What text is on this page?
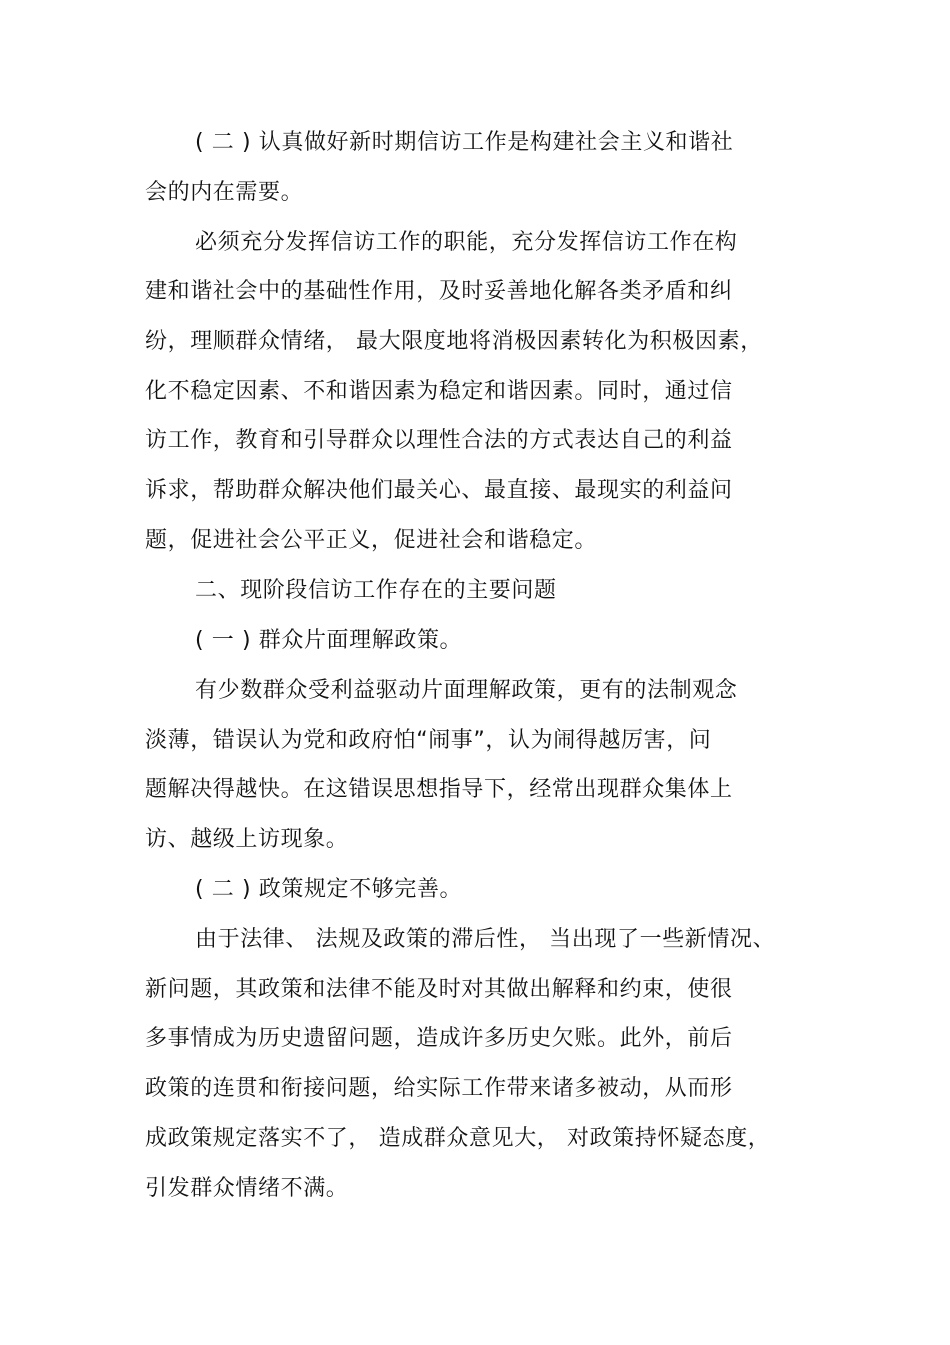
( 二 ) 认真做好新时期信访工作是构建社会主义和谐社
会的内在需要。
必须充分发挥信访工作的职能，充分发挥信访工作在构
建和谐社会中的基础性作用，及时妥善地化解各类矛盾和纠
纷，理顺群众情绪， 最大限度地将消极因素转化为积极因素，
化不稳定因素、不和谐因素为稳定和谐因素。同时，通过信
访工作，教育和引导群众以理性合法的方式表达自己的利益
诉求，帮助群众解决他们最关心、最直接、最现实的利益问
题，促进社会公平正义，促进社会和谐稳定。
二、现阶段信访工作存在的主要问题
( 一 ) 群众片面理解政策。
有少数群众受利益驱动片面理解政策，更有的法制观念
淡薄，错误认为党和政府怕“闹事”，认为闹得越厉害，问
题解决得越快。在这错误思想指导下，经常出现群众集体上
访、越级上访现象。
( 二 ) 政策规定不够完善。
由于法律、 法规及政策的滞后性， 当出现了一些新情况、
新问题，其政策和法律不能及时对其做出解释和约束，使很
多事情成为历史遗留问题，造成许多历史欠账。此外，前后
政策的连贯和衔接问题，给实际工作带来诸多被动，从而形
成政策规定落实不了， 造成群众意见大， 对政策持怀疑态度，
引发群众情绪不满。
